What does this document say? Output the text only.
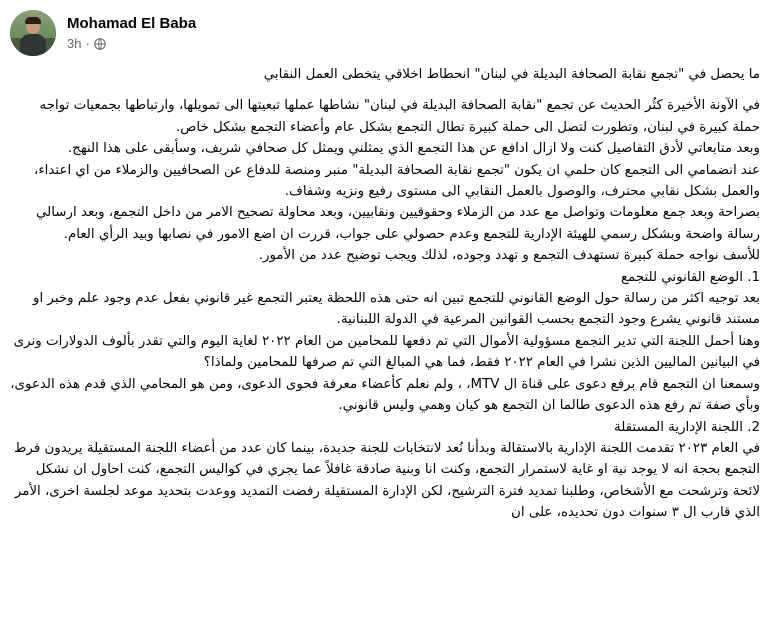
Mohamad El Baba
3h ·
ما يحصل في "تجمع نقابة الصحافة البديلة في لبنان" انحطاط اخلاقي يتخطى العمل النقابي
في الآونة الأخيرة كثُر الحديث عن تجمع "نقابة الصحافة البديلة في لبنان" نشاطها عملها تبعيتها الى تمويلها، وارتباطها بجمعيات تواجه حملة كبيرة في لبنان، وتطورت لتصل الى حملة كبيرة تطال التجمع بشكل عام وأعضاء التجمع بشكل خاص.
وبعد متابعاتي لأدق التفاصيل كنت ولا ازال ادافع عن هذا التجمع الذي يمثلني ويمثل كل صحافي شريف، وسأبقى على هذا النهج.
عند انضمامي الى التجمع كان حلمي ان يكون "تجمع نقابة الصحافة البديلة" منبر ومنصة للدفاع عن الصحافيين والزملاء من اي اعتداء، والعمل بشكل نقابي محترف، والوصول بالعمل النقابي الى مستوى رفيع ونزيه وشفاف.
بصراحة وبعد جمع معلومات وتواصل مع عدد من الزملاء وحقوقيين ونقابيين، وبعد محاولة تصحيح الامر من داخل التجمع، وبعد ارسالي رسالة واضحة وبشكل رسمي للهيئة الإدارية للتجمع وعدم حصولي على جواب، قررت ان اضع الامور في نصابها وبيد الرأي العام.
للأسف نواجه حملة كبيرة تستهدف التجمع و تهدد وجوده، لذلك ويجب توضيح عدد من الأمور.
1. الوضع القانوني للتجمع
بعد توجيه اكثر من رسالة حول الوضع القانوني للتجمع تبين انه حتى هذه اللحظة يعتبر التجمع غير قانوني بفعل عدم وجود علم وخبر او مستند قانوني يشرع وجود التجمع بحسب القوانين المرعية في الدولة اللبنانية.
وهنا أحمل اللجنة التي تدير التجمع مسؤولية الأموال التي تم دفعها للمحامين من العام ٢٠٢٢ لغاية اليوم والتي تقدر بألوف الدولارات ونرى في البيانين الماليين الذين نشرا في العام ٢٠٢٢ فقط، فما هي المبالغ التي تم صرفها للمحامين ولماذا؟
وسمعنا ان التجمع قام برفع دعوى على قناة ال MTV، ، ولم نعلم كأعضاء معرفة فحوى الدعوى، ومن هو المحامي الذي قدم هذه الدعوى، وبأي صفة تم رفع هذه الدعوى طالما ان التجمع هو كيان وهمي وليس قانوني.
2. اللجنة الإدارية المستقلة
في العام ٢٠٢٣ تقدمت اللجنة الإدارية بالاستقالة وبدأنا نُعد لانتخابات للجنة جديدة، بينما كان عدد من أعضاء اللجنة المستقيلة يريدون فرط التجمع بحجة انه لا يوجد نية او غاية لاستمرار التجمع، وكنت انا وبنية صادقة غافلاً عما يجري في كواليس التجمع، كنت احاول ان نشكل لائحة وترشحت مع الأشخاص، وطلبنا تمديد فترة الترشيح، لكن الإدارة المستقيلة رفضت التمديد ووعدت بتحديد موعد لجلسة اخرى، الأمر الذي قارب ال ٣ سنوات دون تحديده، على ان
